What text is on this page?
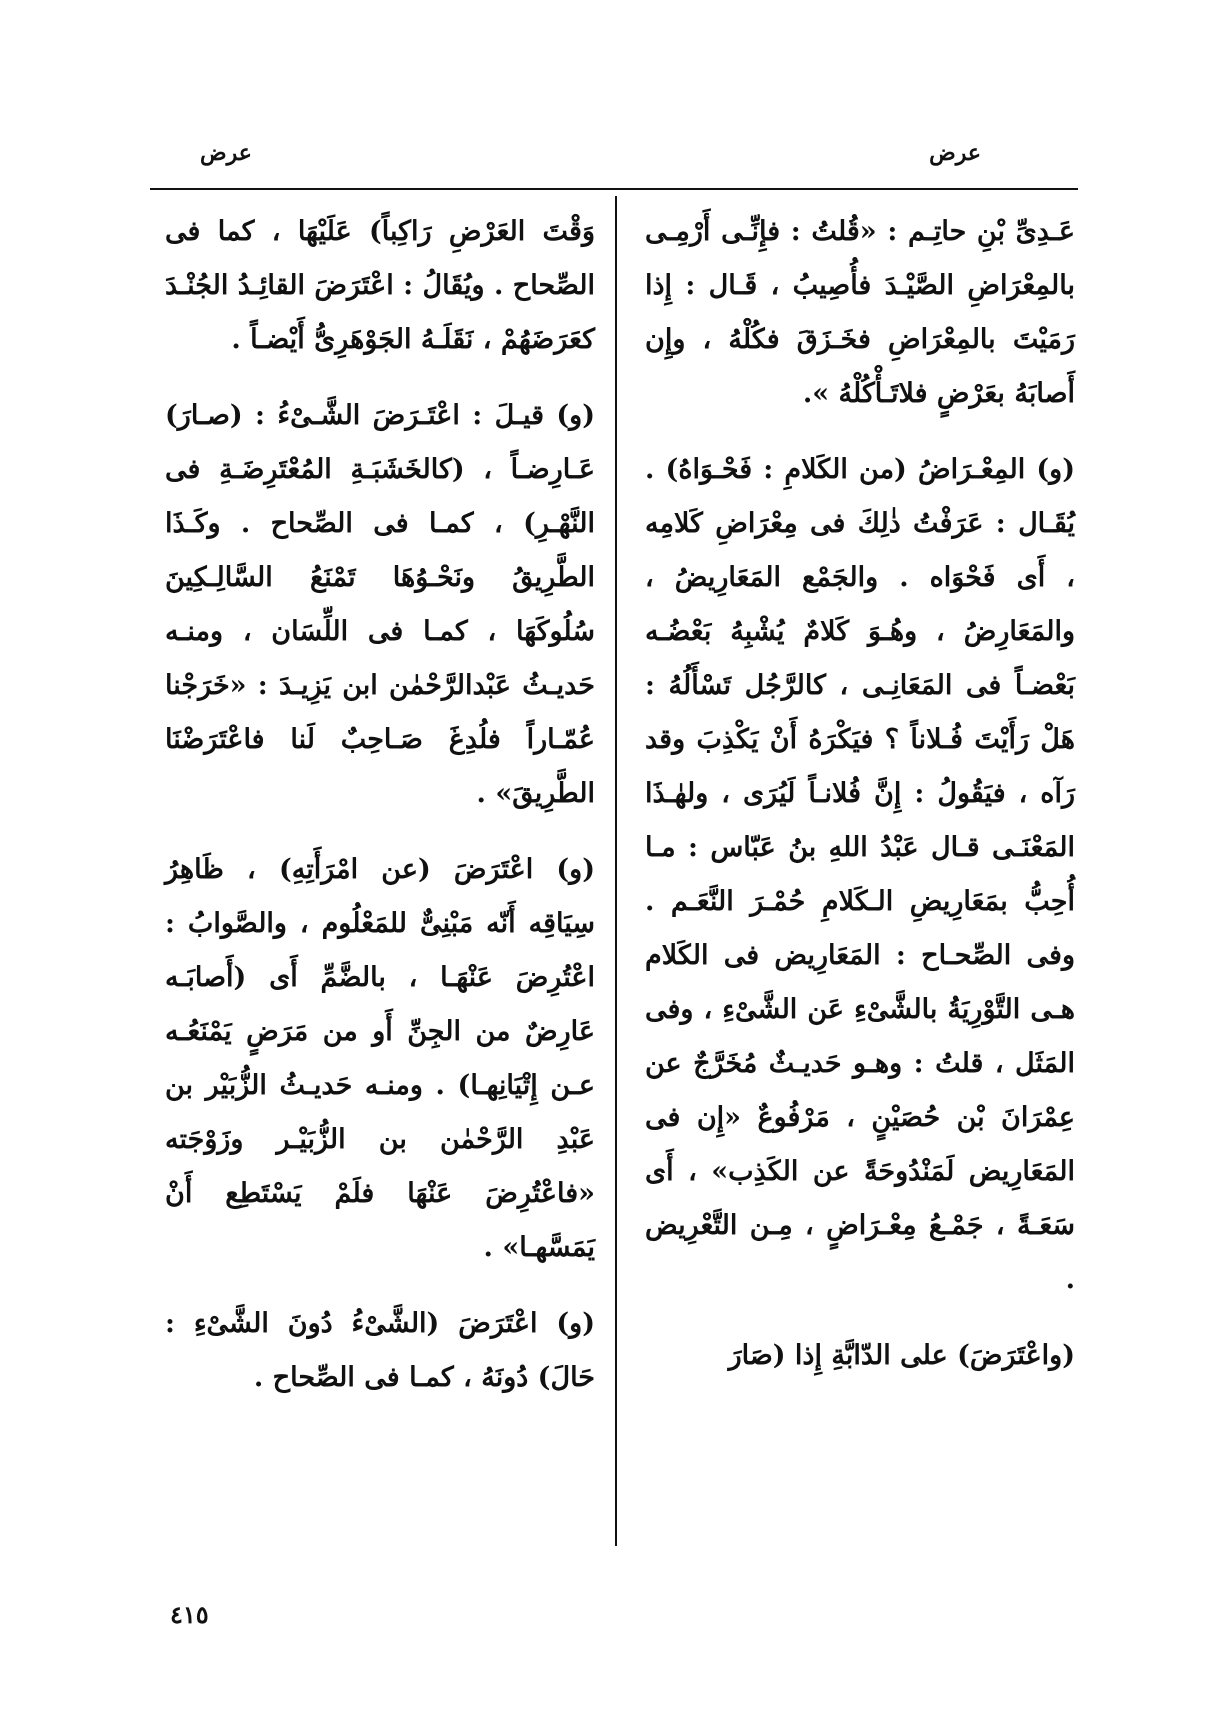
عرض
عرض

عَـدِىِّ بْنِ حاتِـم : «قُلتُ : فإِنِّـى أَرْمِـى بالمِعْرَاضِ الصَّيْـدَ فأُصِيبُ ، قَـال : إِذا رَمَيْتَ بالمِعْرَاضِ فخَـزَقَ فكُلْهُ ، وإِن أَصابَهُ بعَرْضٍ فلاتَـأْكُلْهُ ».

(و) المِعْـرَاضُ (من الكَلامِ : فَحْـوَاهُ) . يُقَـال : عَرَفْتُ ذٰلِكَ فى مِعْرَاضِ كَلامِه ، أَى فَحْوَاه . والجَمْع المَعَارِيضُ ، والمَعَارِضُ ، وهُـوَ كَلامٌ يُشْبِهُ بَعْضُـه بَعْضـاً فى المَعَانِـى ، كالرَّجُل تَسْأَلُهُ : هَلْ رَأَيْتَ فُـلاناً ؟ فيَكْرَهُ أَنْ يَكْذِبَ وقد رَآه ، فيَقُولُ : إِنَّ فُلانـاً لَيُرَى ، ولهٰـذَا المَعْنَـى قـال عَبْدُ اللهِ بنُ عَبّاس : مـا أُحِبُّ بمَعَارِيضِ الـكَلامِ حُمْـرَ النَّعَـم . وفى الصِّحـاح : المَعَارِيض فى الكَلام هـى التَّوْرِيَةُ بالشَّىْءِ عَن الشَّىْءِ ، وفى المَثَل ، قلتُ : وهـو حَديـثٌ مُخَرَّجٌ عن عِمْرَانَ بْن حُصَيْنٍ ، مَرْفُوعٌ «إِن فى المَعَارِيض لَمَنْدُوحَةً عن الكَذِب» ، أَى سَعَـةً ، جَمْـعُ مِعْـرَاضٍ ، مِـن التَّعْرِيض .

(واعْتَرَضَ) على الدّابَّةِ إِذا (صَارَ

وَقْتَ العَرْضِ رَاكِباً) عَلَيْهَا ، كما فى الصِّحاح . ويُقَالُ : اعْتَرَضَ القائِـدُ الجُنْـدَ كعَرَضَهُمْ ، نَقَلَـهُ الجَوْهَرِىُّ أَيْضـاً .

(و) قيـلَ : اعْتَـرَضَ الشَّـىْءُ : (صـارَ) عَـارِضـاً ، (كالخَشَبَـةِ المُعْتَرِضَـةِ فى النَّهْـرِ) ، كمـا فى الصِّحاح . وكَـذَا الطَّرِيقُ ونَحْـوُهَا تَمْنَعُ السَّالِـكِينَ سُلُوكَهَا ، كمـا فى اللِّسَان ، ومنـه حَديـثُ عَبْدالرَّحْمٰن ابن يَزِيـدَ : «خَرَجْنا عُمّـاراً فلُدِغَ صَـاحِبٌ لَنا فاعْتَرَضْنَا الطَّرِيقَ» .

(و) اعْتَرَضَ (عن امْرَأَتِهِ) ، ظَاهِرُ سِيَاقِه أَنّه مَبْنِىٌّ للمَعْلُوم ، والصَّوابُ : اعْتُرِضَ عَنْهَـا ، بالضَّمِّ أَى (أَصابَـه عَارِضٌ من الجِنِّ أَو من مَرَضٍ يَمْنَعُـه عـن إِتْيَانِهـا) . ومنـه حَديـثُ الزُّبَيْر بن عَبْدِ الرَّحْمٰن بن الزُّبَيْـر وزَوْجَته «فاعْتُرِضَ عَنْهَا فلَمْ يَسْتَطِع أَنْ يَمَسَّهـا» .

(و) اعْتَرَضَ (الشَّىْءُ دُونَ الشَّىْءِ : حَالَ) دُونَهُ ، كمـا فى الصِّحاح .

٤١٥
